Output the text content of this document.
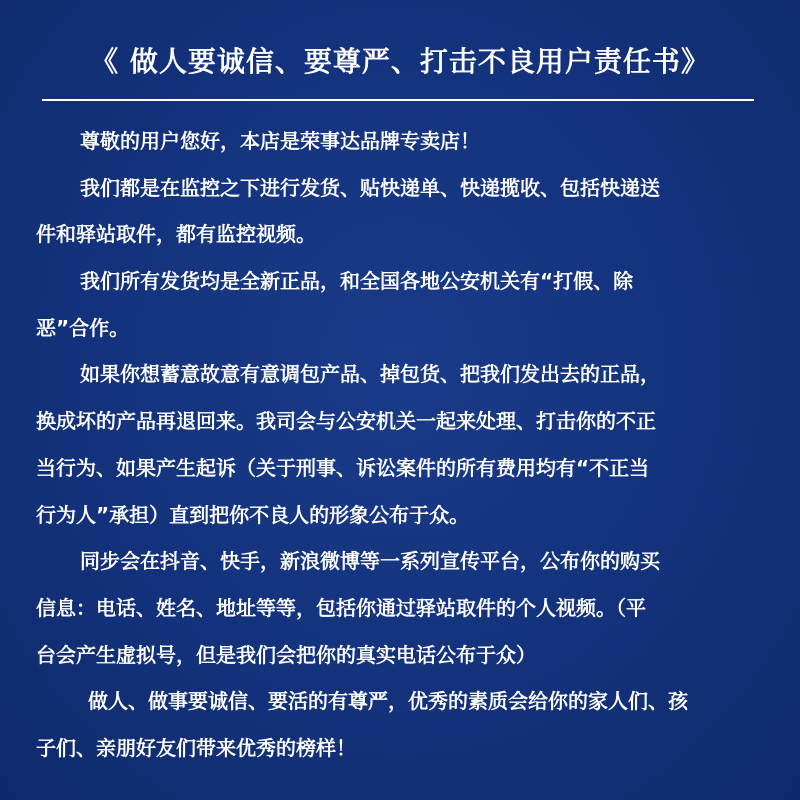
《 做人要诚信、要尊严、打击不良用户责任书》
尊敬的用户您好，本店是荣事达品牌专卖店！
我们都是在监控之下进行发货、贴快递单、快递揽收、包括快递送
件和驿站取件，都有监控视频。
我们所有发货均是全新正品，和全国各地公安机关有“打假、除
恶”合作。
如果你想蓄意故意有意调包产品、掉包货、把我们发出去的正品，
换成坏的产品再退回来。我司会与公安机关一起来处理、打击你的不正
当行为、如果产生起诉（关于刑事、诉讼案件的所有费用均有“不正当
行为人”承担）直到把你不良人的形象公布于众。
同步会在抖音、快手，新浪微博等一系列宣传平台，公布你的购买
信息：电话、姓名、地址等等，包括你通过驿站取件的个人视频。（平
台会产生虚拟号，但是我们会把你的真实电话公布于众）
做人、做事要诚信、要活的有尊严，优秀的素质会给你的家人们、孩
子们、亲朋好友们带来优秀的榜样！
